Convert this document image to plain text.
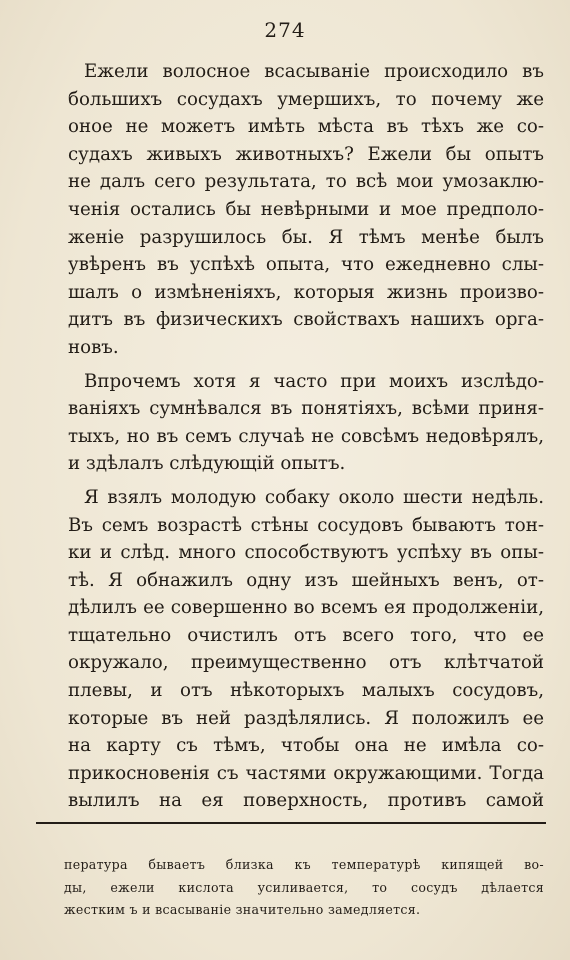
274
Ежели волосное всасыванiе происходило въ
большихъ сосудахъ умершихъ, то почему же
оное не можетъ имѣть мѣста въ тѣхъ же со-
судахъ живыхъ животныхъ? Ежели бы опытъ
не далъ сего результата, то всѣ мои умозаклю-
ченiя остались бы невѣрными и мое предполо-
женiе разрушилось бы. Я тѣмъ менѣе былъ
увѣренъ въ успѣхѣ опыта, что ежедневно слы-
шалъ о измѣненiяхъ, которыя жизнь произво-
дитъ въ физическихъ свойствахъ нашихъ орга-
новъ.
Впрочемъ хотя я часто при моихъ изслѣдо-
ванiяхъ сумнѣвался въ понятiяхъ, всѣми приня-
тыхъ, но въ семъ случаѣ не совсѣмъ недовѣрялъ,
и здѣлалъ слѣдующiй опытъ.
Я взялъ молодую собаку около шести недѣль.
Въ семъ возрастѣ стѣны сосудовъ бываютъ тон-
ки и слѣд. много способствуютъ успѣху въ опы-
тѣ. Я обнажилъ одну изъ шейныхъ венъ, от-
дѣлилъ ее совершенно во всемъ ея продолженiи,
тщательно очистилъ отъ всего того, что ее
окружало, преимущественно отъ клѣтчатой
плевы, и отъ нѣкоторыхъ малыхъ сосудовъ,
которые въ ней раздѣлялись. Я положилъ ее
на карту съ тѣмъ, чтобы она не имѣла со-
прикосновенiя съ частями окружающими. Тогда
вылилъ на ея поверхность, противъ самой
пература бываетъ близка къ температурѣ кипящей во-
ды, ежели кислота усиливается, то сосудъ дѣлается
жестким ъ и всасыванiе значительно замедляется.
